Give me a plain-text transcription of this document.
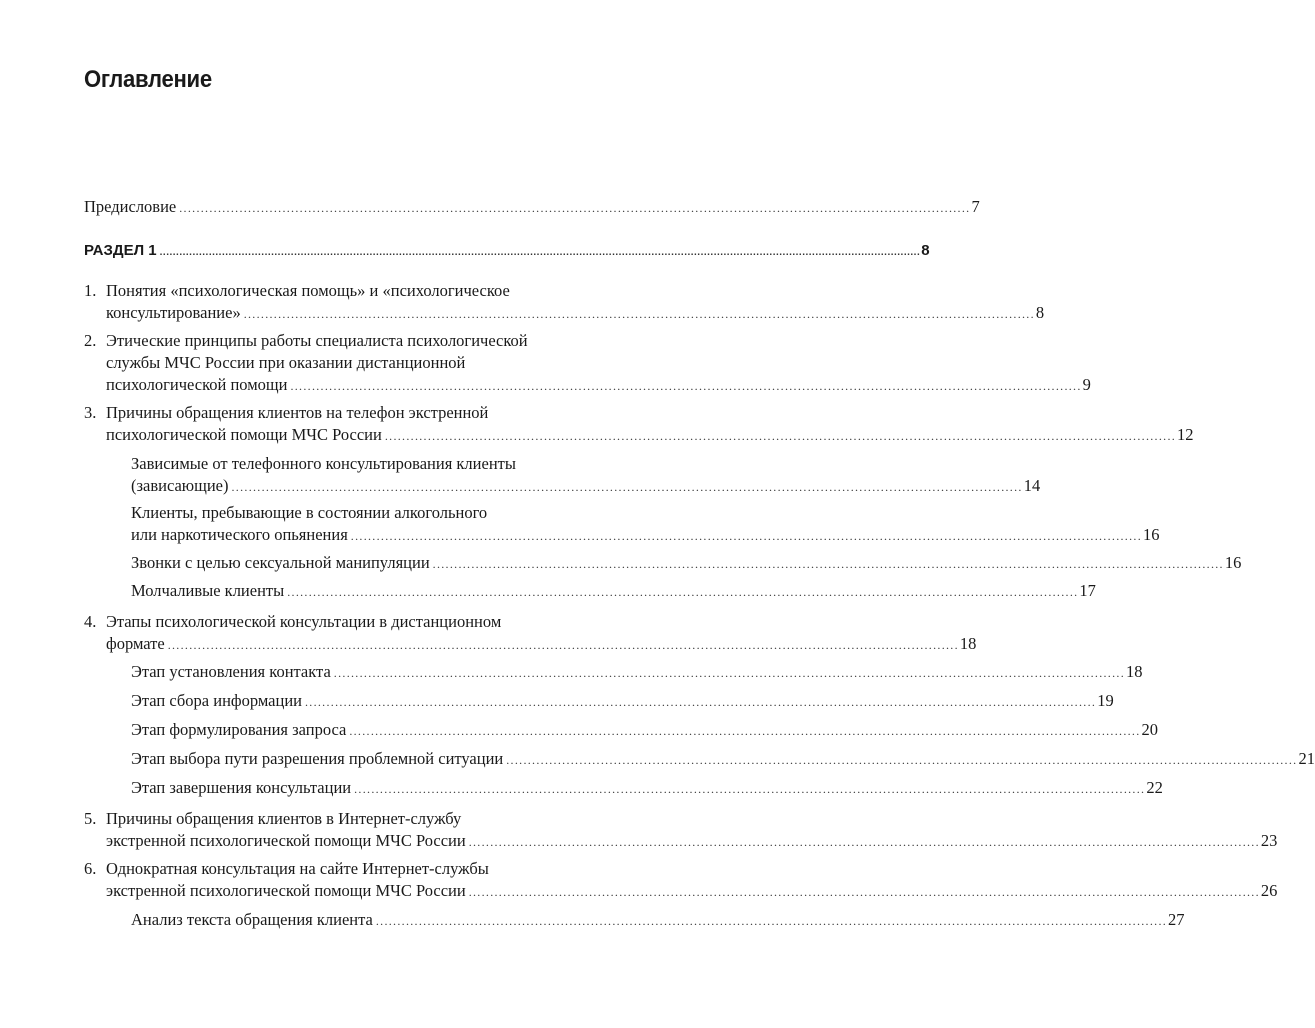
Оглавление
Предисловие ........................................................................................................................................................................................ 7
РАЗДЕЛ 1 ........................................................................................................................................................................................................................................ 8
1. Понятия «психологическая помощь» и «психологическое
консультирование» ........................................................................................................................................................................................ 8
2. Этические принципы работы специалиста психологической
службы МЧС России при оказании дистанционной
психологической помощи ........................................................................................................................................................................................ 9
3. Причины обращения клиентов на телефон экстренной
психологической помощи МЧС России ........................................................................................................................................................................................ 12
Зависимые от телефонного консультирования клиенты
(зависающие) ........................................................................................................................................................................................ 14
Клиенты, пребывающие в состоянии алкогольного
или наркотического опьянения ........................................................................................................................................................................................ 16
Звонки с целью сексуальной манипуляции ........................................................................................................................................................................................ 16
Молчаливые клиенты ........................................................................................................................................................................................ 17
4. Этапы психологической консультации в дистанционном
формате ........................................................................................................................................................................................ 18
Этап установления контакта ........................................................................................................................................................................................ 18
Этап сбора информации ........................................................................................................................................................................................ 19
Этап формулирования запроса ........................................................................................................................................................................................ 20
Этап выбора пути разрешения проблемной ситуации ........................................................................................................................................................................................ 21
Этап завершения консультации ........................................................................................................................................................................................ 22
5. Причины обращения клиентов в Интернет-службу
экстренной психологической помощи МЧС России ........................................................................................................................................................................................ 23
6. Однократная консультация на сайте Интернет-службы
экстренной психологической помощи МЧС России ........................................................................................................................................................................................ 26
Анализ текста обращения клиента ........................................................................................................................................................................................ 27
